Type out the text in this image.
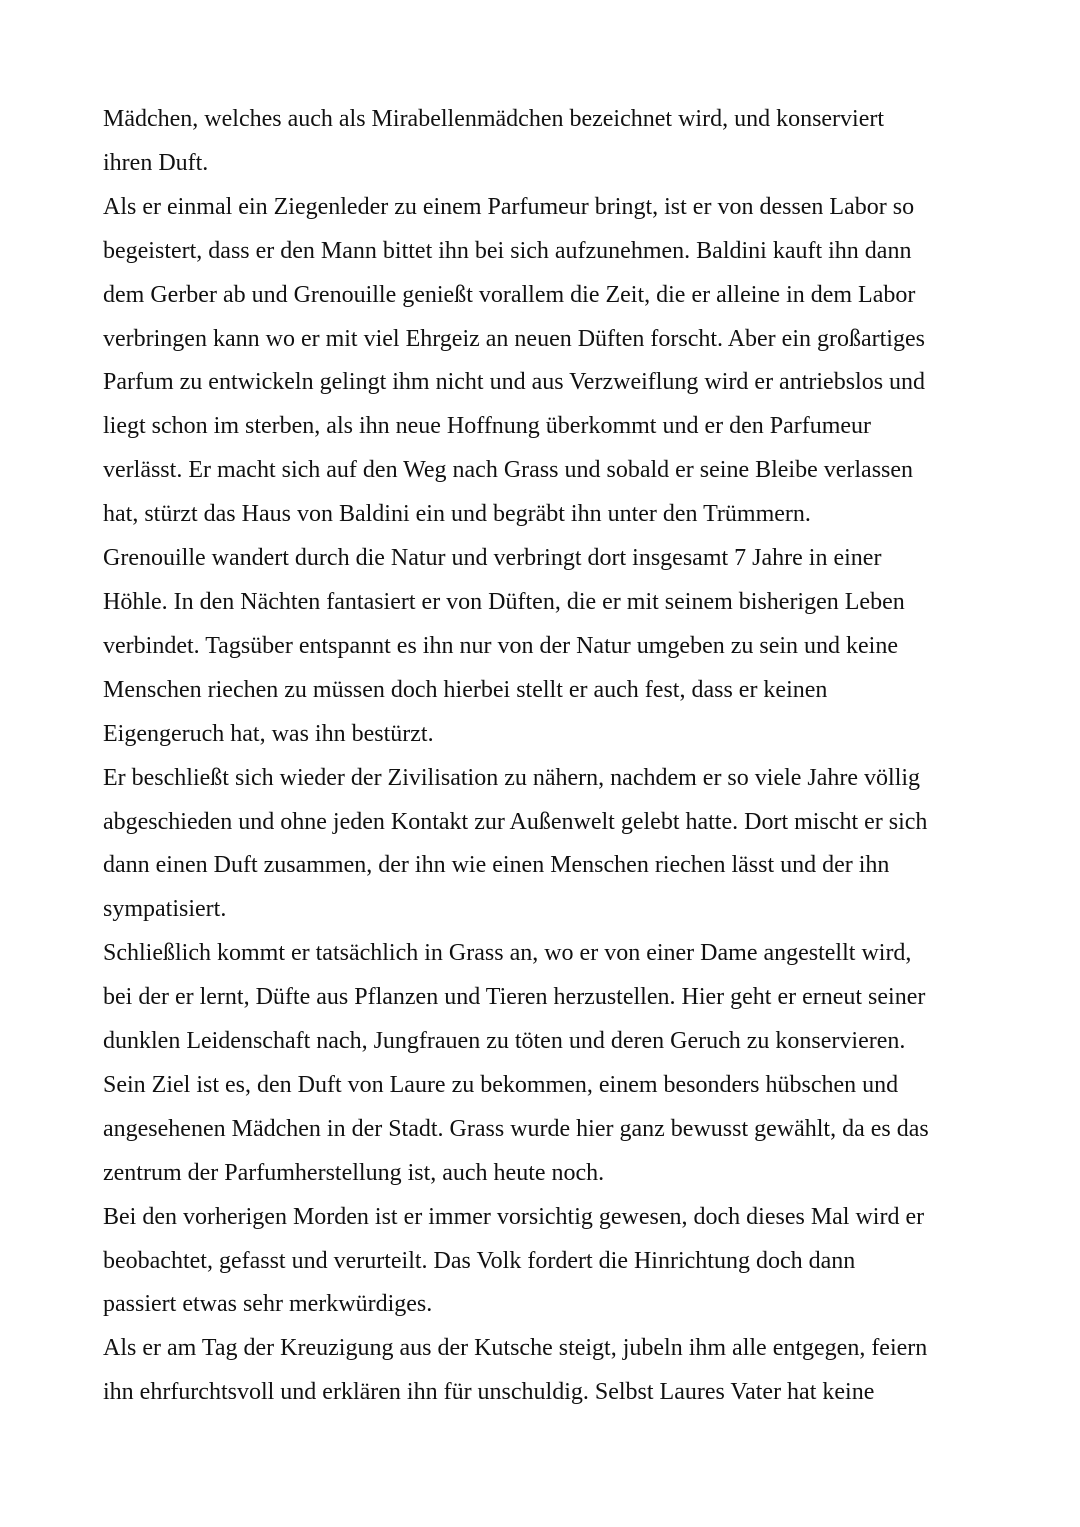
Mädchen, welches auch als Mirabellenmädchen bezeichnet wird, und konserviert
ihren Duft.
Als er einmal ein Ziegenleder zu einem Parfumeur bringt, ist er von dessen Labor so
begeistert, dass er den Mann bittet ihn bei sich aufzunehmen. Baldini kauft ihn dann
dem Gerber ab und Grenouille genießt vorallem die Zeit, die er alleine in dem Labor
verbringen kann wo er mit viel Ehrgeiz an neuen Düften forscht. Aber ein großartiges
Parfum zu entwickeln gelingt ihm nicht und aus Verzweiflung wird er antriebslos und
liegt schon im sterben, als ihn neue Hoffnung überkommt und er den Parfumeur
verlässt. Er macht sich auf den Weg nach Grass und sobald er seine Bleibe verlassen
hat, stürzt das Haus von Baldini ein und begräbt ihn unter den Trümmern.
Grenouille wandert durch die Natur und verbringt dort insgesamt 7 Jahre in einer
Höhle. In den Nächten fantasiert er von Düften, die er mit seinem bisherigen Leben
verbindet. Tagsüber entspannt es ihn nur von der Natur umgeben zu sein und keine
Menschen riechen zu müssen doch hierbei stellt er auch fest, dass er keinen
Eigengeruch hat, was ihn bestürzt.
Er beschließt sich wieder der Zivilisation zu nähern, nachdem er so viele Jahre völlig
abgeschieden und ohne jeden Kontakt zur Außenwelt gelebt hatte. Dort mischt er sich
dann einen Duft zusammen, der ihn wie einen Menschen riechen lässt und der ihn
sympatisiert.
Schließlich kommt er tatsächlich in Grass an, wo er von einer Dame angestellt wird,
bei der er lernt, Düfte aus Pflanzen und Tieren herzustellen. Hier geht er erneut seiner
dunklen Leidenschaft nach, Jungfrauen zu töten und deren Geruch zu konservieren.
Sein Ziel ist es, den Duft von Laure zu bekommen, einem besonders hübschen und
angesehenen Mädchen in der Stadt. Grass wurde hier ganz bewusst gewählt, da es das
zentrum der Parfumherstellung ist, auch heute noch.
Bei den vorherigen Morden ist er immer vorsichtig gewesen, doch dieses Mal wird er
beobachtet, gefasst und verurteilt. Das Volk fordert die Hinrichtung doch dann
passiert etwas sehr merkwürdiges.
Als er am Tag der Kreuzigung aus der Kutsche steigt, jubeln ihm alle entgegen, feiern
ihn ehrfurchtsvoll und erklären ihn für unschuldig. Selbst Laures Vater hat keine
